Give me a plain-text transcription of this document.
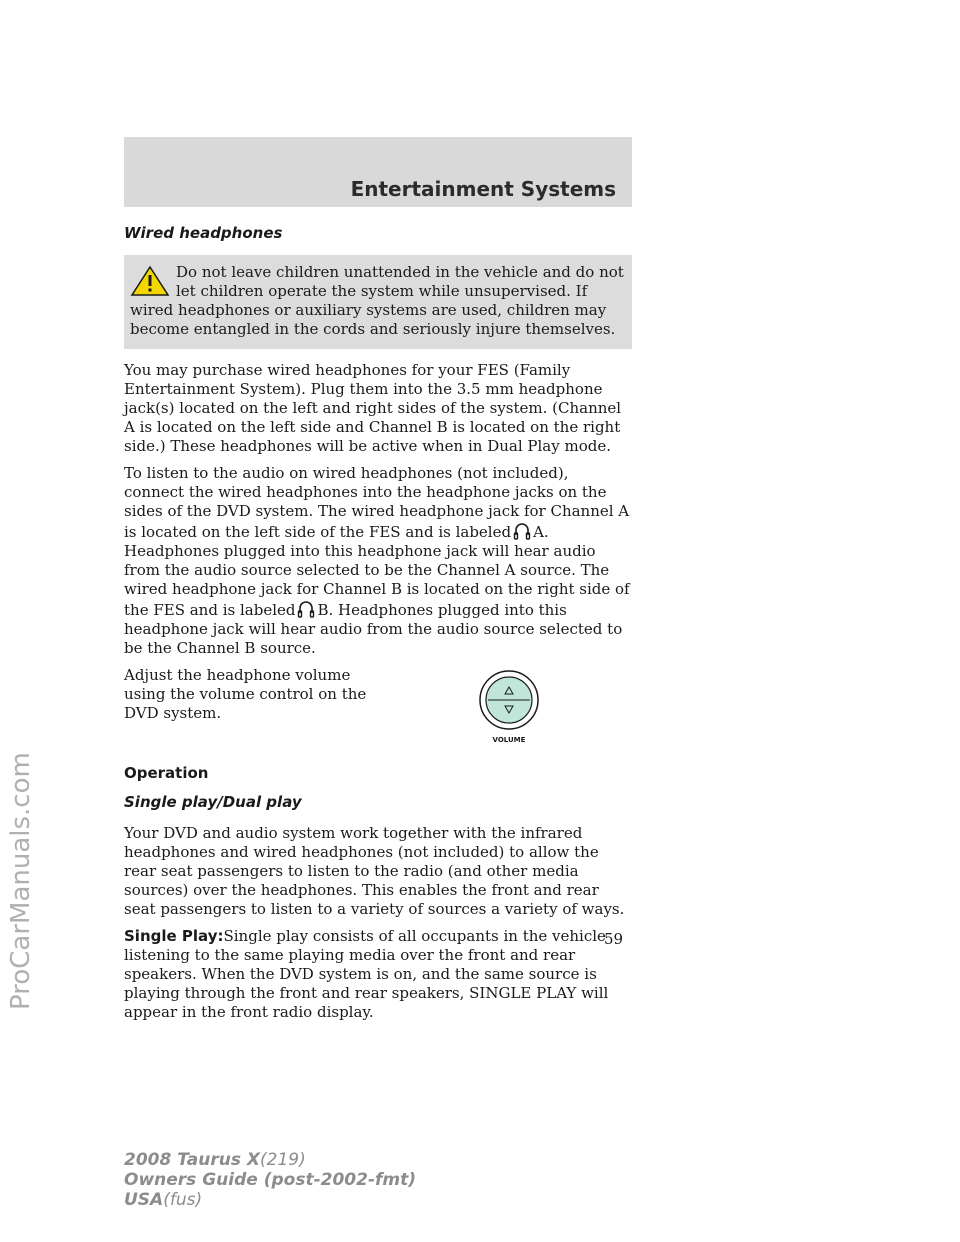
Entertainment Systems
Wired headphones

Do not leave children unattended in the vehicle and do not let children operate the system while unsupervised. If wired headphones or auxiliary systems are used, children may become entangled in the cords and seriously injure themselves.

You may purchase wired headphones for your FES (Family Entertainment System). Plug them into the 3.5 mm headphone jack(s) located on the left and right sides of the system. (Channel A is located on the left side and Channel B is located on the right side.) These headphones will be active when in Dual Play mode.

To listen to the audio on wired headphones (not included), connect the wired headphones into the headphone jacks on the sides of the DVD system. The wired headphone jack for Channel A is located on the left side of the FES and is labeled A. Headphones plugged into this headphone jack will hear audio from the audio source selected to be the Channel A source. The wired headphone jack for Channel B is located on the right side of the FES and is labeled B. Headphones plugged into this headphone jack will hear audio from the audio source selected to be the Channel B source.

Adjust the headphone volume using the volume control on the DVD system.

VOLUME
Operation
Single play/Dual play

Your DVD and audio system work together with the infrared headphones and wired headphones (not included) to allow the rear seat passengers to listen to the radio (and other media sources) over the headphones. This enables the front and rear seat passengers to listen to a variety of sources a variety of ways.

Single Play:Single play consists of all occupants in the vehicle listening to the same playing media over the front and rear speakers. When the DVD system is on, and the same source is playing through the front and rear speakers, SINGLE PLAY will appear in the front radio display.

59
2008 Taurus X(219)
Owners Guide (post-2002-fmt)
USA(fus)
ProCarManuals.com
